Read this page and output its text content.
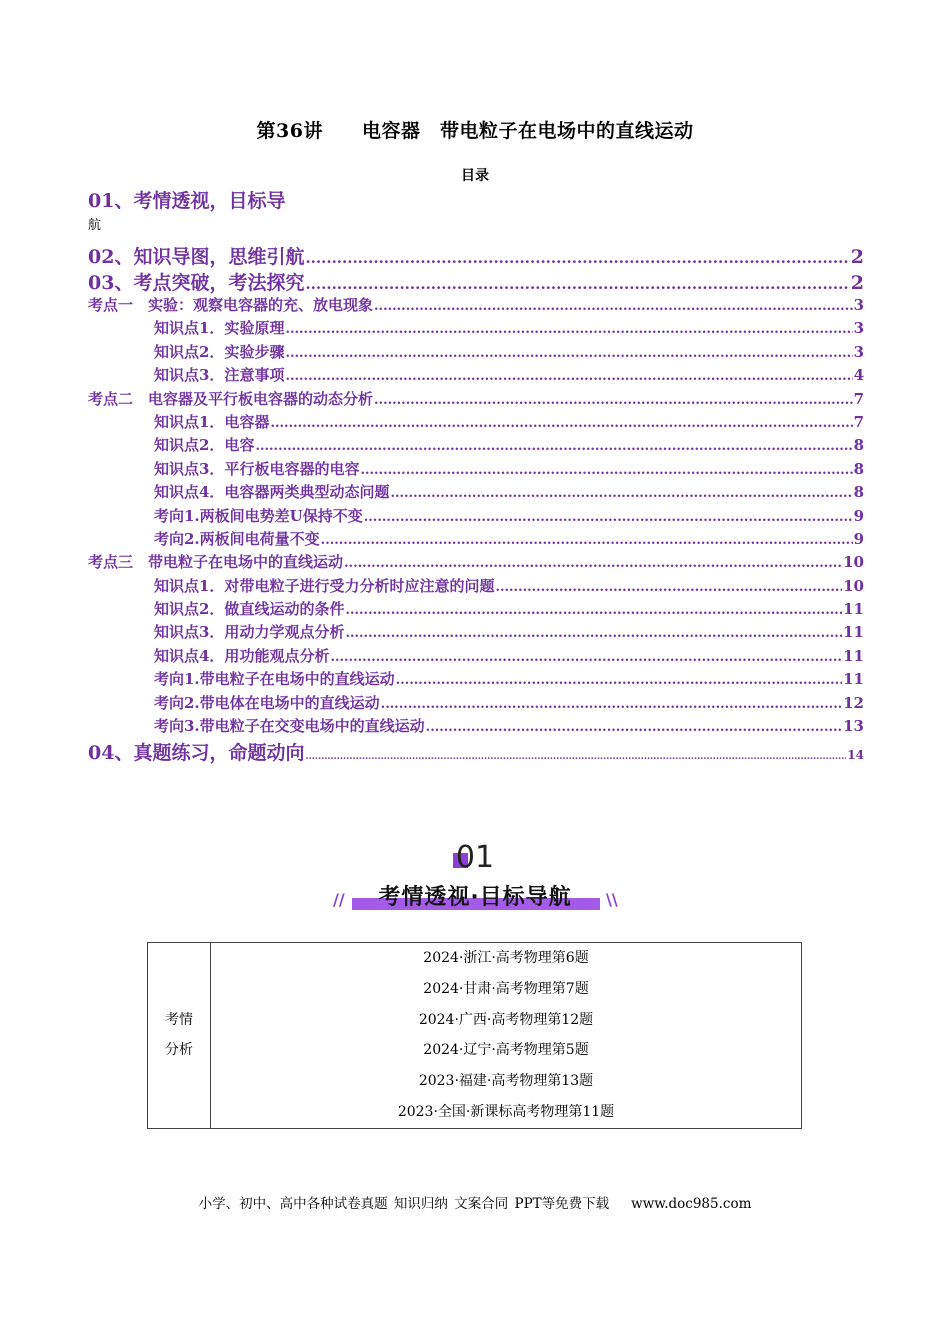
第36讲　　电容器　带电粒子在电场中的直线运动
目录
01、考情透视，目标导
航
02、知识导图，思维引航 .....	2
03、考点突破，考法探究 .....	2
考点一　实验：观察电容器的充、放电现象 .....	3
知识点1．实验原理 .....	3
知识点2．实验步骤 .....	3
知识点3．注意事项 .....	4
考点二　电容器及平行板电容器的动态分析 .....	7
知识点1．电容器 .....	7
知识点2．电容 .....	8
知识点3．平行板电容器的电容 .....	8
知识点4．电容器两类典型动态问题 .....	8
考向1.两板间电势差U保持不变 .....	9
考向2.两板间电荷量不变 .....	9
考点三　带电粒子在电场中的直线运动 .....	10
知识点1．对带电粒子进行受力分析时应注意的问题 .....	10
知识点2．做直线运动的条件 .....	11
知识点3．用动力学观点分析 .....	11
知识点4．用功能观点分析 .....	11
考向1.带电粒子在电场中的直线运动 .....	11
考向2.带电体在电场中的直线运动 .....	12
考向3.带电粒子在交变电场中的直线运动 .....	13
04、真题练习，命题动向 .....	14
01
//	考情透视·目标导航	\\
考情
分析	
2024·浙江·高考物理第6题
2024·甘肃·高考物理第7题
2024·广西·高考物理第12题
2024·辽宁·高考物理第5题
2023·福建·高考物理第13题
2023·全国·新课标高考物理第11题
小学、初中、高中各种试卷真题 知识归纳 文案合同 PPT等免费下载 www.doc985.com
